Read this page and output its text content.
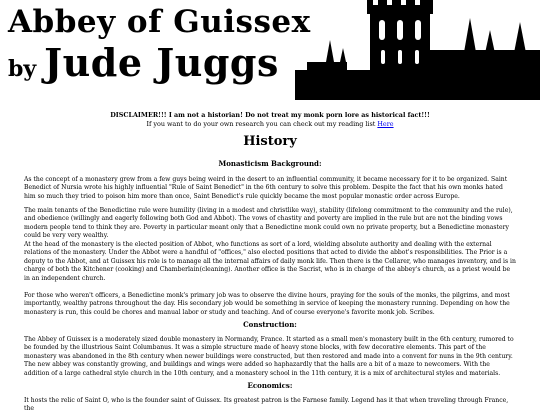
Abbey of Guissex
by Jude Juggs
DISCLAIMER!!! I am not a historian! Do not treat my monk porn lore as historical fact!!!
If you want to do your own research you can check out my reading list Here
History
Monasticism Background:

As the concept of a monastery grew from a few guys being weird in the desert to an influential community, it became necessary for it to be organized. Saint Benedict of Nursia wrote his highly influential "Rule of Saint Benedict" in the 6th century to solve this problem. Despite the fact that his own monks hated him so much they tried to poison him more than once, Saint Benedict's rule quickly became the most popular monastic order across Europe.

The main tenants of the Benedictine rule were humility (living in a modest and christlike way), stability (lifelong commitment to the community and the rule), and obedience (willingly and eagerly following both God and Abbot). The vows of chastity and poverty are implied in the rule but are not the binding vows modern people tend to think they are. Poverty in particular meant only that a Benedictine monk could own no private property, but a Benedictine monastery could be very very wealthy.

At the head of the monastery is the elected position of Abbot, who functions as sort of a lord, wielding absolute authority and dealing with the external relations of the monastery. Under the Abbot were a handful of "offices," also elected positions that acted to divide the abbot's responsibilities. The Prior is a deputy to the Abbot, and at Guissex his role is to manage all the internal affairs of daily monk life. Then there is the Cellarer, who manages inventory, and is in charge of both the Kitchener (cooking) and Chamberlain(cleaning). Another office is the Sacrist, who is in charge of the abbey's church, as a priest would be in an independent church.

For those who weren't officers, a Benedictine monk's primary job was to observe the divine hours, praying for the souls of the monks, the pilgrims, and most importantly, wealthy patrons throughout the day. His secondary job would be something in service of keeping the monastery running. Depending on how the monastery is run, this could be chores and manual labor or study and teaching. And of course everyone's favorite monk job. Scribes.

Construction:

The Abbey of Guissex is a moderately sized double monastery in Normandy, France. It started as a small men's monastery built in the 6th century, rumored to be founded by the illustrious Saint Columbanus. It was a simple structure made of heavy stone blocks, with few decorative elements. This part of the monastery was abandoned in the 8th century when newer buildings were constructed, but then restored and made into a convent for nuns in the 9th century. The new abbey was constantly growing, and buildings and wings were added so haphazardly that the halls are a bit of a maze to newcomers. With the addition of a large cathedral style church in the 10th century, and a monastery school in the 11th century, it is a mix of architectural styles and materials.

Economics:

It hosts the relic of Saint O, who is the founder saint of Guissex. Its greatest patron is the Farnese family. Legend has it that when traveling through France, the
